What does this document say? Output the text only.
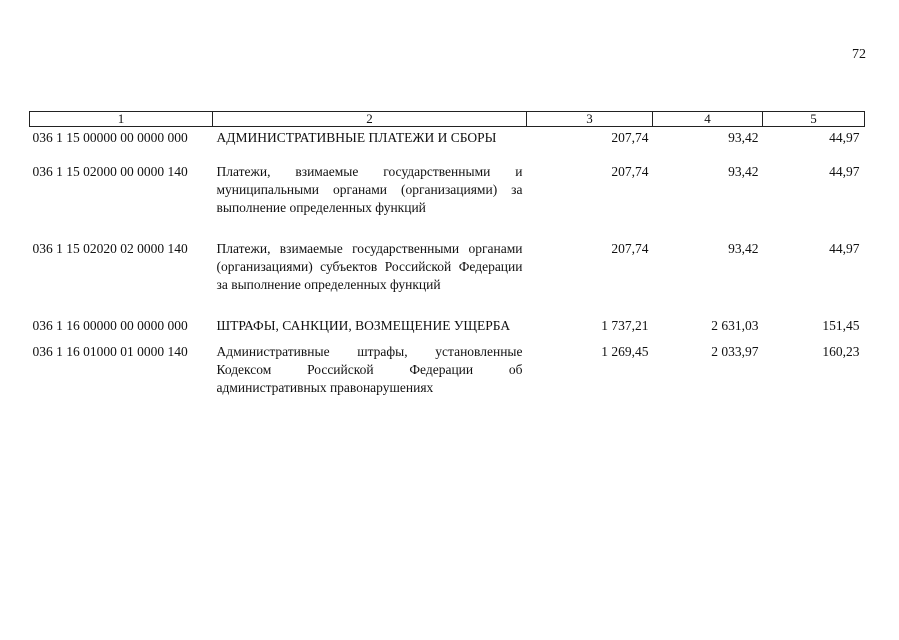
72
1	2	3	4	5
036 1 15 00000 00 0000 000	АДМИНИСТРАТИВНЫЕ ПЛАТЕЖИ И СБОРЫ	207,74	93,42	44,97
036 1 15 02000 00 0000 140	Платежи, взимаемые государственными и муниципальными органами (организациями) за выполнение определенных функций	207,74	93,42	44,97
036 1 15 02020 02 0000 140	Платежи, взимаемые государственными органами (организациями) субъектов Российской Федерации за выполнение определенных функций	207,74	93,42	44,97
036 1 16 00000 00 0000 000	ШТРАФЫ, САНКЦИИ, ВОЗМЕЩЕНИЕ УЩЕРБА	1 737,21	2 631,03	151,45
036 1 16 01000 01 0000 140	Административные штрафы, установленные Кодексом Российской Федерации об административных правонарушениях	1 269,45	2 033,97	160,23
